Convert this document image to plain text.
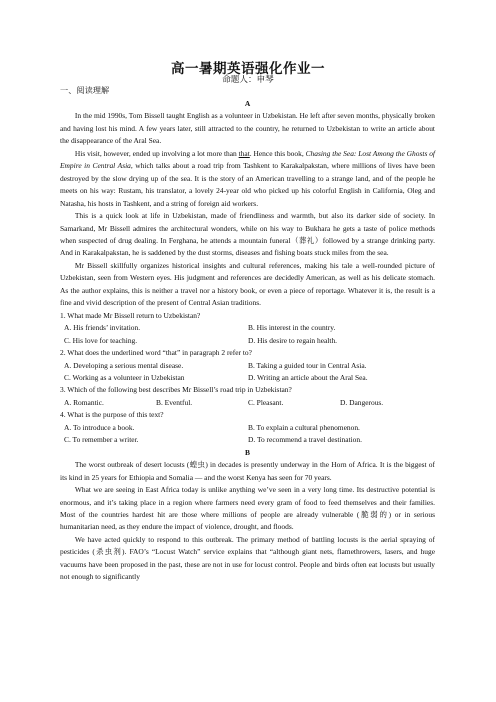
高一暑期英语强化作业一
命题人：申琴
一、阅读理解
A

In the mid 1990s, Tom Bissell taught English as a volunteer in Uzbekistan. He left after seven months, physically broken and having lost his mind. A few years later, still attracted to the country, he returned to Uzbekistan to write an article about the disappearance of the Aral Sea.

His visit, however, ended up involving a lot more than that. Hence this book, Chasing the Sea: Lost Among the Ghosts of Empire in Central Asia, which talks about a road trip from Tashkent to Karakalpakstan, where millions of lives have been destroyed by the slow drying up of the sea. It is the story of an American travelling to a strange land, and of the people he meets on his way: Rustam, his translator, a lovely 24-year old who picked up his colorful English in California, Oleg and Natasha, his hosts in Tashkent, and a string of foreign aid workers.

This is a quick look at life in Uzbekistan, made of friendliness and warmth, but also its darker side of society. In Samarkand, Mr Bissell admires the architectural wonders, while on his way to Bukhara he gets a taste of police methods when suspected of drug dealing. In Ferghana, he attends a mountain funeral（葬礼）followed by a strange drinking party. And in Karakalpakstan, he is saddened by the dust storms, diseases and fishing boats stuck miles from the sea.

Mr Bissell skillfully organizes historical insights and cultural references, making his tale a well-rounded picture of Uzbekistan, seen from Western eyes. His judgment and references are decidedly American, as well as his delicate stomach. As the author explains, this is neither a travel nor a history book, or even a piece of reportage. Whatever it is, the result is a fine and vivid description of the present of Central Asian traditions.

1. What made Mr Bissell return to Uzbekistan?
A. His friends’ invitation.	B. His interest in the country.
C. His love for teaching.	D. His desire to regain health.
2. What does the underlined word “that” in paragraph 2 refer to?
A. Developing a serious mental disease.	B. Taking a guided tour in Central Asia.
C. Working as a volunteer in Uzbekistan	D. Writing an article about the Aral Sea.
3. Which of the following best describes Mr Bissell’s road trip in Uzbekistan?
A. Romantic.	B. Eventful.	C. Pleasant.	D. Dangerous.
4. What is the purpose of this text?
A. To introduce a book.	B. To explain a cultural phenomenon.
C. To remember a writer.	D. To recommend a travel destination.
B

The worst outbreak of desert locusts (蝗虫) in decades is presently underway in the Horn of Africa. It is the biggest of its kind in 25 years for Ethiopia and Somalia — and the worst Kenya has seen for 70 years.

What we are seeing in East Africa today is unlike anything we’ve seen in a very long time. Its destructive potential is enormous, and it’s taking place in a region where farmers need every gram of food to feed themselves and their families. Most of the countries hardest hit are those where millions of people are already vulnerable (脆弱的) or in serious humanitarian need, as they endure the impact of violence, drought, and floods.

We have acted quickly to respond to this outbreak. The primary method of battling locusts is the aerial spraying of pesticides (杀虫剂). FAO’s “Locust Watch” service explains that “although giant nets, flamethrowers, lasers, and huge vacuums have been proposed in the past, these are not in use for locust control. People and birds often eat locusts but usually not enough to significantly
